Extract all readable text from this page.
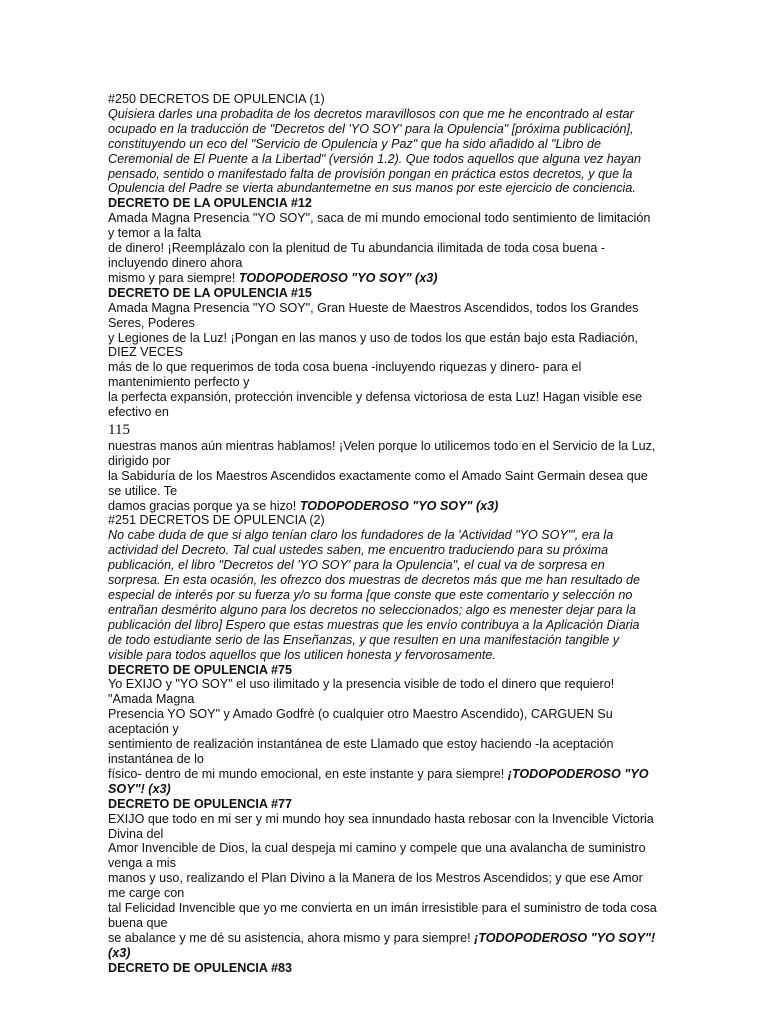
#250 DECRETOS DE OPULENCIA (1)
Quisiera darles una probadita de los decretos maravillosos con que me he encontrado al estar
ocupado en la traducción de "Decretos del 'YO SOY' para la Opulencia" [próxima publicación],
constituyendo un eco del "Servicio de Opulencia y Paz" que ha sido añadido al "Libro de
Ceremonial de El Puente a la Libertad" (versión 1.2). Que todos aquellos que alguna vez hayan
pensado, sentido o manifestado falta de provisión pongan en práctica estos decretos, y que la
Opulencia del Padre se vierta abundantemetne en sus manos por este ejercicio de conciencia.
DECRETO DE LA OPULENCIA #12
Amada Magna Presencia "YO SOY", saca de mi mundo emocional todo sentimiento de limitación y temor a la falta
de dinero! ¡Reemplázalo con la plenitud de Tu abundancia ilimitada de toda cosa buena - incluyendo dinero ahora
mismo y para siempre! TODOPODEROSO "YO SOY" (x3)
DECRETO DE LA OPULENCIA #15
Amada Magna Presencia "YO SOY", Gran Hueste de Maestros Ascendidos, todos los Grandes Seres, Poderes
y Legiones de la Luz! ¡Pongan en las manos y uso de todos los que están bajo esta Radiación, DIEZ VECES
más de lo que requerimos de toda cosa buena -incluyendo riquezas y dinero- para el mantenimiento perfecto y
la perfecta expansión, protección invencible y defensa victoriosa de esta Luz! Hagan visible ese efectivo en
115
nuestras manos aún mientras hablamos! ¡Velen porque lo utilicemos todo en el Servicio de la Luz, dirigido por
la Sabiduría de los Maestros Ascendidos exactamente como el Amado Saint Germain desea que se utilice. Te
damos gracias porque ya se hizo! TODOPODEROSO "YO SOY" (x3)
#251 DECRETOS DE OPULENCIA (2)
No cabe duda de que si algo tenían claro los fundadores de la 'Actividad "YO SOY"', era la
actividad del Decreto. Tal cual ustedes saben, me encuentro traduciendo para su próxima
publicación, el libro "Decretos del 'YO SOY' para la Opulencia", el cual va de sorpresa en
sorpresa. En esta ocasión, les ofrezco dos muestras de decretos más que me han resultado de
especial de interés por su fuerza y/o su forma [que conste que este comentario y selección no
entrañan desmérito alguno para los decretos no seleccionados; algo es menester dejar para la
publicación del libro] Espero que estas muestras que les envío contribuya a la Aplicación Diaria
de todo estudiante serio de las Enseñanzas, y que resulten en una manifestación tangible y
visible para todos aquellos que los utilicen honesta y fervorosamente.
DECRETO DE OPULENCIA #75
Yo EXIJO y "YO SOY" el uso ilimitado y la presencia visible de todo el dinero que requiero! "Amada Magna
Presencia YO SOY" y Amado Godfrè (o cualquier otro Maestro Ascendido), CARGUEN Su aceptación y
sentimiento de realización instantánea de este Llamado que estoy haciendo -la aceptación instantánea de lo
físico- dentro de mi mundo emocional, en este instante y para siempre! ¡TODOPODEROSO "YO SOY"! (x3)
DECRETO DE OPULENCIA #77
EXIJO que todo en mi ser y mi mundo hoy sea innundado hasta rebosar con la Invencible Victoria Divina del
Amor Invencible de Dios, la cual despeja mi camino y compele que una avalancha de suministro venga a mis
manos y uso, realizando el Plan Divino a la Manera de los Mestros Ascendidos; y que ese Amor me carge con
tal Felicidad Invencible que yo me convierta en un imán irresistible para el suministro de toda cosa buena que
se abalance y me dé su asistencia, ahora mismo y para siempre! ¡TODOPODEROSO "YO SOY"! (x3)
DECRETO DE OPULENCIA #83
